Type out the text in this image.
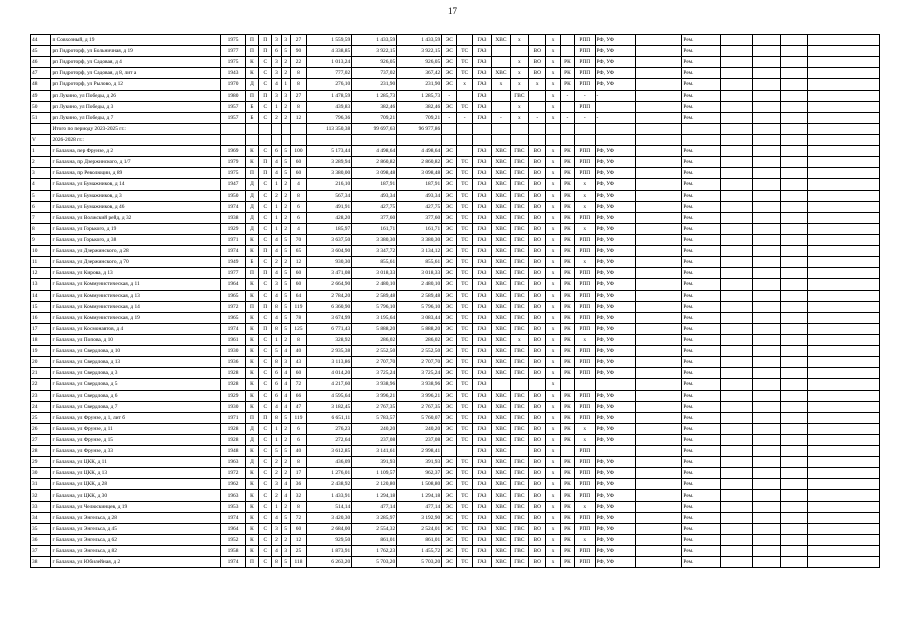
17
44	п Совхозный, д 19	1975	П	П	3	3	27	1 559,59	1 433,59	1 433,59	ЭС		ГАЗ	ХВС	x		x		РПП	РФ, УФ		Рем.				
45	рп Гидроторф, ул Больничная, д 19	1977	П	П	6	5	90	4 338,85	3 922,15	3 922,15	ЭС	ТС	ГАЗ			ВО	x		РПП	РФ, УФ		Рем.				
46	рп Гидроторф, ул Садовая, д 4	1975	К	С	3	2	22	1 013,24	926,05	926,05	ЭС	ТС	ГАЗ		x	ВО	x	РК	РПП	РФ, УФ		Рем.				
47	рп Гидроторф, ул Садовая, д 8, лит а	1943	К	С	3	2	8	777,02	737,02	367,42	ЭС	ТС	ГАЗ	ХВС	x	ВО	x	РК	РПП	РФ, УФ		Рем.				
48	рп Гидроторф, ул Рылово, д 12	1970	Д	С	4	1	8	276,10	231,90	231,90	ЭС	x	ГАЗ	x	x	x	x	РК	РПП	РФ, УФ		Рем.				
49	рп Лукино, ул Победы, д 26	1980	П	П	3	3	27	1 478,59	1 285,73	1 285,73	-		ГАЗ		ГВС		x	-	-	-		Рем.				
50	рп Лукино, ул Победы, д 3	1957	Б	С	1	2	8	439,83	382,46	382,46	ЭС	ТС	ГАЗ		x		x		РПП			Рем.				
51	рп Лукино, ул Победы, д 7	1957	Б	С	2	2	12	796,36	709,21	709,21	-	-	ГАЗ	-	x	-	x	-	-	-		Рем.				
	Итого по периоду 2023-2025 гг.:							113 350,38	99 697,63	96 977,86																
V	2026-2028 гг.:																									
1	г Балахна, пер Фрунзе, д 2	1969	К	С	6	5	100	5 173,44	4 498,64	4 498,64	ЭС		ГАЗ	ХВС	ГВС	ВО	x	РК	РПП	РФ, УФ		Рем.				
2	г Балахна, пр Дзержинского, д 1/7	1979	К	П	4	5	60	3 289,94	2 860,82	2 860,82	ЭС	ТС	ГАЗ	ХВС	ГВС	ВО	x	РК	РПП	РФ, УФ		Рем.				
3	г Балахна, пр Революции, д 89	1975	П	П	4	5	60	3 380,00	3 098,48	3 098,48	ЭС	ТС	ГАЗ	ХВС	ГВС	ВО	x	РК	РПП	РФ, УФ		Рем.				
4	г Балахна, ул Бумажников, д 14	1947	Д	С	1	2	4	216,10	187,91	187,91	ЭС	ТС	ГАЗ	ХВС	ГВС	ВО	x	РК	x	РФ, УФ		Рем.				
5	г Балахна, ул Бумажников, д 3	1950	Д	С	2	2	8	567,34	493,34	493,34	ЭС	ТС	ГАЗ	ХВС	ГВС	ВО	x	РК	x	РФ, УФ		Рем.				
6	г Балахна, ул Бумажников, д 46	1974	Д	С	1	2	6	491,91	427,75	427,75	ЭС	ТС	ГАЗ	ХВС	ГВС	ВО	x	РК	x	РФ, УФ		Рем.				
7	г Балахна, ул Волжский рейд, д 32	1938	Д	С	1	2	6	428,20	377,60	377,60	ЭС	ТС	ГАЗ	ХВС	ГВС	ВО	x	РК	РПП	РФ, УФ		Рем.				
8	г Балахна, ул Горького, д 19	1929	Д	С	1	2	4	185,97	161,71	161,71	ЭС	ТС	ГАЗ	ХВС	ГВС	ВО	x	РК	x	РФ, УФ		Рем.				
9	г Балахна, ул Горького, д 38	1971	К	С	4	5	70	3 637,50	3 380,30	3 380,30	ЭС	ТС	ГАЗ	ХВС	ГВС	ВО	x	РК	РПП	РФ, УФ		Рем.				
10	г Балахна, ул Дзержинского, д 28	1974	К	П	4	5	65	3 604,90	3 347,72	3 134,12	ЭС	ТС	ГАЗ	ХВС	ГВС	ВО	x	РК	РПП	РФ, УФ		Рем.				
11	г Балахна, ул Дзержинского, д 70	1949	Б	С	2	2	12	930,30	855,61	855,61	ЭС	ТС	ГАЗ	ХВС	ГВС	ВО	x	РК	x	РФ, УФ		Рем.				
12	г Балахна, ул Кирова, д 13	1977	П	П	4	5	60	3 471,08	3 018,33	3 018,33	ЭС	ТС	ГАЗ	ХВС	ГВС	ВО	x	РК	РПП	РФ, УФ		Рем.				
13	г Балахна, ул Коммунистическая, д 11	1964	К	С	3	5	60	2 664,90	2 480,10	2 480,10	ЭС	ТС	ГАЗ	ХВС	ГВС	ВО	x	РК	РПП	РФ, УФ		Рем.				
14	г Балахна, ул Коммунистическая, д 13	1965	К	С	4	5	64	2 784,20	2 589,48	2 589,48	ЭС	ТС	ГАЗ	ХВС	ГВС	ВО	x	РК	РПП	РФ, УФ		Рем.				
15	г Балахна, ул Коммунистическая, д 14	1972	П	П	8	5	119	6 360,90	5 796,10	5 796,10	ЭС	ТС	ГАЗ	ХВС	ГВС	ВО	x	РК	РПП	РФ, УФ		Рем.				
16	г Балахна, ул Коммунистическая, д 19	1965	К	С	4	5	78	3 674,99	3 195,64	3 083,44	ЭС	ТС	ГАЗ	ХВС	ГВС	ВО	x	РК	РПП	РФ, УФ		Рем.				
17	г Балахна, ул Космонавтов, д 4	1974	К	П	8	5	125	6 771,43	5 888,20	5 888,20	ЭС	ТС	ГАЗ	ХВС	ГВС	ВО	x	РК	РПП	РФ, УФ		Рем.				
18	г Балахна, ул Попова, д 10	1961	К	С	1	2	8	328,92	286,02	286,02	ЭС	ТС	ГАЗ	ХВС	x	ВО	x	РК	x	РФ, УФ		Рем.				
19	г Балахна, ул Свердлова, д 10	1930	К	С	5	4	40	2 935,38	2 552,50	2 552,50	ЭС	ТС	ГАЗ	ХВС	ГВС	ВО	x	РК	РПП	РФ, УФ		Рем.				
20	г Балахна, ул Свердлова, д 13	1936	К	С	8	3	43	3 113,86	2 707,70	2 707,70	ЭС	ТС	ГАЗ	ХВС	ГВС	ВО	x	РК	РПП	РФ, УФ		Рем.				
21	г Балахна, ул Свердлова, д 3	1928	К	С	6	4	60	4 014,20	3 725,24	3 725,24	ЭС	ТС	ГАЗ	ХВС	ГВС	ВО	x	РК	РПП	РФ, УФ		Рем.				
22	г Балахна, ул Свердлова, д 5	1928	К	С	6	4	72	4 217,60	3 938,96	3 938,96	ЭС	ТС	ГАЗ				x					Рем.				
23	г Балахна, ул Свердлова, д 6	1929	К	С	6	4	66	4 595,64	3 996,21	3 996,21	ЭС	ТС	ГАЗ	ХВС	ГВС	ВО	x	РК	РПП	РФ, УФ		Рем.				
24	г Балахна, ул Свердлова, д 7	1930	К	С	4	4	47	3 182,45	2 767,35	2 767,35	ЭС	ТС	ГАЗ	ХВС	ГВС	ВО	x	РК	РПП	РФ, УФ		Рем.				
25	г Балахна, ул Фрунзе, д 1, лит б	1971	П	П	8	5	119	6 651,11	5 783,57	5 760,07	ЭС	ТС	ГАЗ	ХВС	ГВС	ВО	x	РК	РПП	РФ, УФ		Рем.				
26	г Балахна, ул Фрунзе, д 11	1928	Д	С	1	2	6	276,23	240,20	240,20	ЭС	ТС	ГАЗ	ХВС	ГВС	ВО	x	РК	x	РФ, УФ		Рем.				
27	г Балахна, ул Фрунзе, д 15	1928	Д	С	1	2	6	272,64	237,08	237,08	ЭС	ТС	ГАЗ	ХВС	ГВС	ВО	x	РК	x	РФ, УФ		Рем.				
28	г Балахна, ул Фрунзе, д 33	1948	К	С	5	5	40	3 612,85	3 141,61	2 998,41			ГАЗ	ХВС		ВО	x		РПП			Рем.				
29	г Балахна, ул ЦКК, д 11	1963	Д	С	2	2	8	436,09	391,93	391,93	ЭС	ТС	ГАЗ	ХВС	ГВС	ВО	x	РК	РПП	РФ, УФ		Рем.				
30	г Балахна, ул ЦКК, д 13	1972	К	С	2	2	17	1 276,01	1 109,57	962,37	ЭС	ТС	ГАЗ	ХВС	ГВС	ВО	x	РК	РПП	РФ, УФ		Рем.				
31	г Балахна, ул ЦКК, д 28	1962	К	С	3	4	36	2 438,92	2 120,80	1 508,80	ЭС	ТС	ГАЗ	ХВС	ГВС	ВО	x	РК	РПП	РФ, УФ		Рем.				
32	г Балахна, ул ЦКК, д 30	1963	К	С	2	4	32	1 433,91	1 294,18	1 294,18	ЭС	ТС	ГАЗ	ХВС	ГВС	ВО	x	РК	РПП	РФ, УФ		Рем.				
33	г Балахна, ул Челюскинцев, д 19	1953	К	С	1	2	8	514,14	477,14	477,14	ЭС	ТС	ГАЗ	ХВС	ГВС	ВО	x	РК	x	РФ, УФ		Рем.				
34	г Балахна, ул Энгельса, д 28	1974	К	С	4	5	72	3 420,30	3 285,97	3 192,90	ЭС	ТС	ГАЗ	ХВС	ГВС	ВО	x	РК	РПП	РФ, УФ		Рем.				
35	г Балахна, ул Энгельса, д 45	1964	К	С	3	5	60	2 684,00	2 554,32	2 524,01	ЭС	ТС	ГАЗ	ХВС	ГВС	ВО	x	РК	РПП	РФ, УФ		Рем.				
36	г Балахна, ул Энгельса, д 62	1952	К	С	2	2	12	929,50	861,01	861,01	ЭС	ТС	ГАЗ	ХВС	ГВС	ВО	x	РК	x	РФ, УФ		Рем.				
37	г Балахна, ул Энгельса, д 82	1958	К	С	4	3	25	1 873,91	1 762,23	1 455,72	ЭС	ТС	ГАЗ	ХВС	ГВС	ВО	x	РК	РПП	РФ, УФ		Рем.				
38	г Балахна, ул Юбилейная, д 2	1974	П	С	8	5	118	6 263,20	5 703,20	5 703,20	ЭС	ТС	ГАЗ	ХВС	ГВС	ВО	x	РК	РПП	РФ, УФ		Рем.				
